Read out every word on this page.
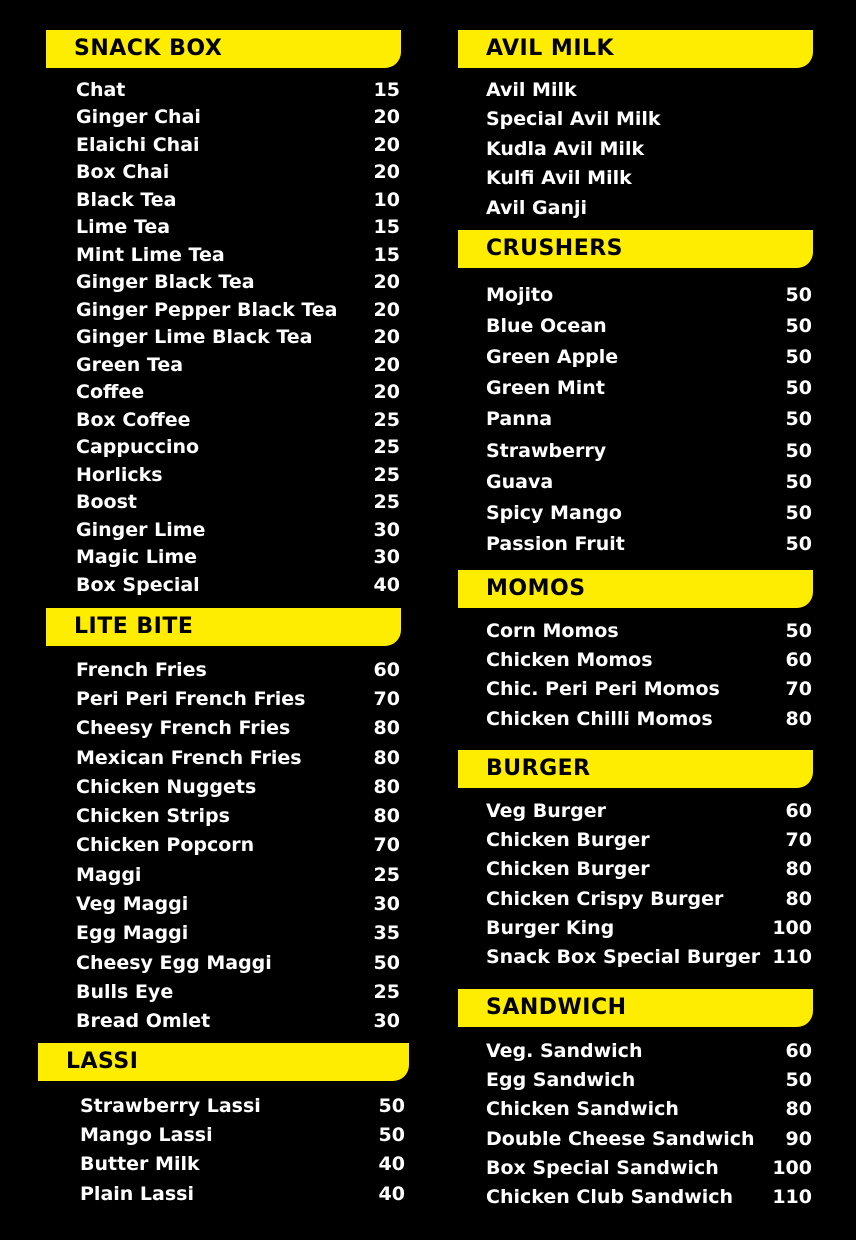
SNACK BOX
Chat	15
Ginger Chai	20
Elaichi Chai	20
Box Chai	20
Black Tea	10
Lime Tea	15
Mint Lime Tea	15
Ginger Black Tea	20
Ginger Pepper Black Tea 20
Ginger Lime Black Tea	20
Green Tea	20
Coffee	20
Box Coffee	25
Cappuccino	25
Horlicks	25
Boost	25
Ginger Lime	30
Magic Lime	30
Box Special	40
LITE BITE
French Fries	60
Peri Peri French Fries	70
Cheesy French Fries	80
Mexican French Fries	80
Chicken Nuggets	80
Chicken Strips	80
Chicken Popcorn	70
Maggi	25
Veg Maggi	30
Egg Maggi	35
Cheesy Egg Maggi	50
Bulls Eye	25
Bread Omlet	30
LASSI
Strawberry Lassi	50
Mango Lassi	50
Butter Milk	40
Plain Lassi	40
AVIL MILK
Avil Milk
Special Avil Milk
Kudla Avil Milk
Kulfi Avil Milk
Avil Ganji
CRUSHERS
Mojito	50
Blue Ocean	50
Green Apple	50
Green Mint	50
Panna	50
Strawberry	50
Guava	50
Spicy Mango	50
Passion Fruit	50
MOMOS
Corn Momos	50
Chicken Momos	60
Chic. Peri Peri Momos	70
Chicken Chilli Momos	80
BURGER
Veg Burger	60
Chicken Burger	70
Chicken Burger	80
Chicken Crispy Burger	80
Burger King	100
Snack Box Special Burger 110
SANDWICH
Veg. Sandwich	60
Egg Sandwich	50
Chicken Sandwich	80
Double Cheese Sandwich 90
Box Special Sandwich	100
Chicken Club Sandwich 110
